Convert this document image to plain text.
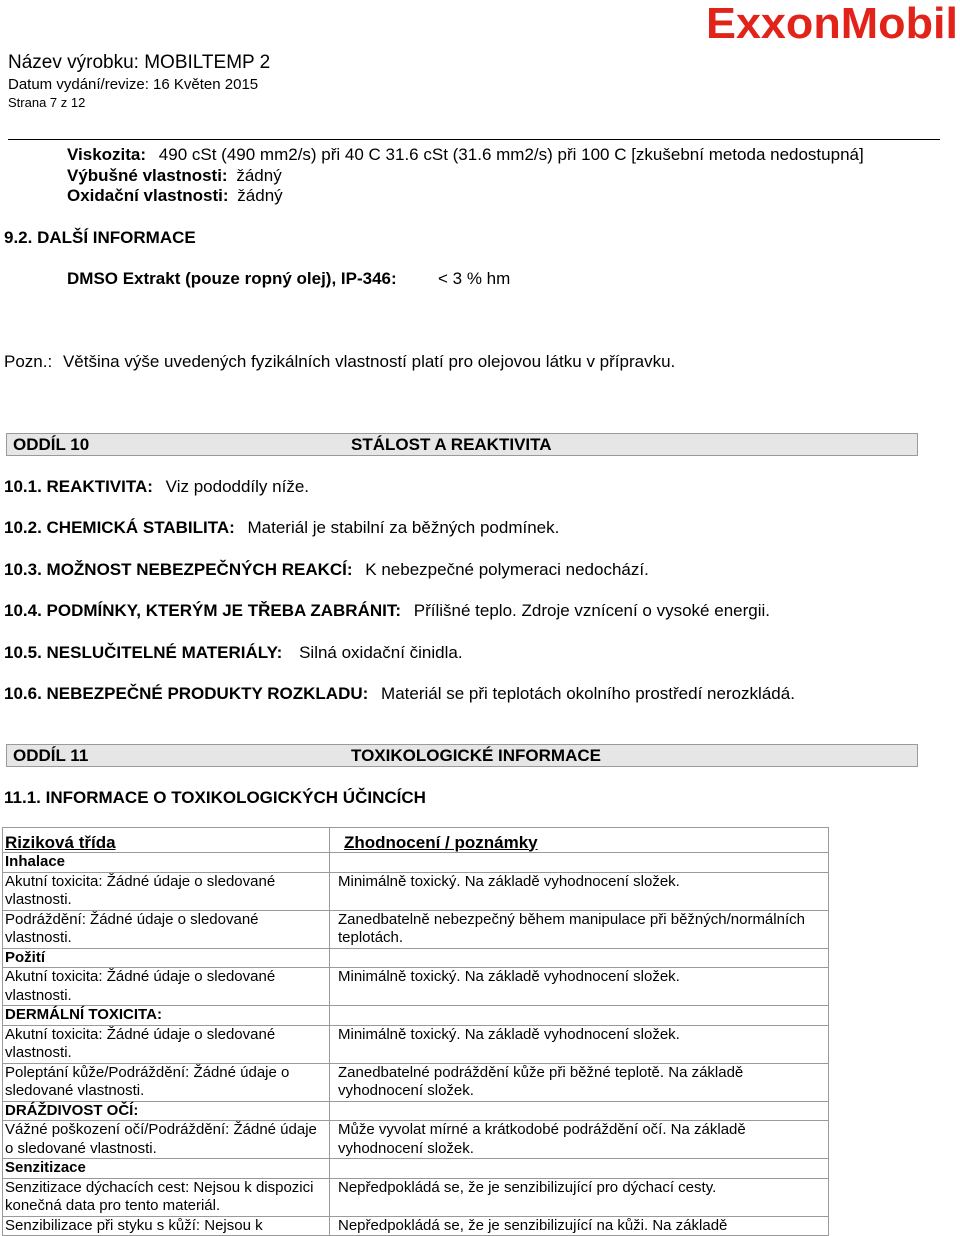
ExxonMobil
Název výrobku: MOBILTEMP 2
Datum vydání/revize: 16 Květen 2015
Strana 7 z 12
Viskozita: 490 cSt (490 mm2/s) při 40 C 31.6 cSt (31.6 mm2/s) při 100 C [zkušební metoda nedostupná]
Výbušné vlastnosti: žádný
Oxidační vlastnosti: žádný
9.2. DALŠÍ INFORMACE
DMSO Extrakt (pouze ropný olej), IP-346: < 3 % hm
Pozn.: Většina výše uvedených fyzikálních vlastností platí pro olejovou látku v přípravku.
ODDÍL 10	STÁLOST A REAKTIVITA
10.1. REAKTIVITA: Viz pododdíly níže.
10.2. CHEMICKÁ STABILITA: Materiál je stabilní za běžných podmínek.
10.3. MOŽNOST NEBEZPEČNÝCH REAKCÍ: K nebezpečné polymeraci nedochází.
10.4. PODMÍNKY, KTERÝM JE TŘEBA ZABRÁNIT: Přílišné teplo. Zdroje vznícení o vysoké energii.
10.5. NESLUČITELNÉ MATERIÁLY: Silná oxidační činidla.
10.6. NEBEZPEČNÉ PRODUKTY ROZKLADU: Materiál se při teplotách okolního prostředí nerozkládá.
ODDÍL 11	TOXIKOLOGICKÉ INFORMACE
11.1. INFORMACE O TOXIKOLOGICKÝCH ÚČINCÍCH
Riziková třída	Zhodnocení / poznámky
Inhalace	
Akutní toxicita: Žádné údaje o sledované vlastnosti.	Minimálně toxický. Na základě vyhodnocení složek.
Podráždění: Žádné údaje o sledované vlastnosti.	Zanedbatelně nebezpečný během manipulace při běžných/normálních teplotách.
Požití	
Akutní toxicita: Žádné údaje o sledované vlastnosti.	Minimálně toxický. Na základě vyhodnocení složek.
DERMÁLNÍ TOXICITA:	
Akutní toxicita: Žádné údaje o sledované vlastnosti.	Minimálně toxický. Na základě vyhodnocení složek.
Poleptání kůže/Podráždění: Žádné údaje o sledované vlastnosti.	Zanedbatelné podráždění kůže při běžné teplotě. Na základě vyhodnocení složek.
DRÁŽDIVOST OČÍ:	
Vážné poškození očí/Podráždění: Žádné údaje o sledované vlastnosti.	Může vyvolat mírné a krátkodobé podráždění očí. Na základě vyhodnocení složek.
Senzitizace	
Senzitizace dýchacích cest: Nejsou k dispozici konečná data pro tento materiál.	Nepředpokládá se, že je senzibilizující pro dýchací cesty.
Senzibilizace při styku s kůží: Nejsou k	Nepředpokládá se, že je senzibilizující na kůži. Na základě
